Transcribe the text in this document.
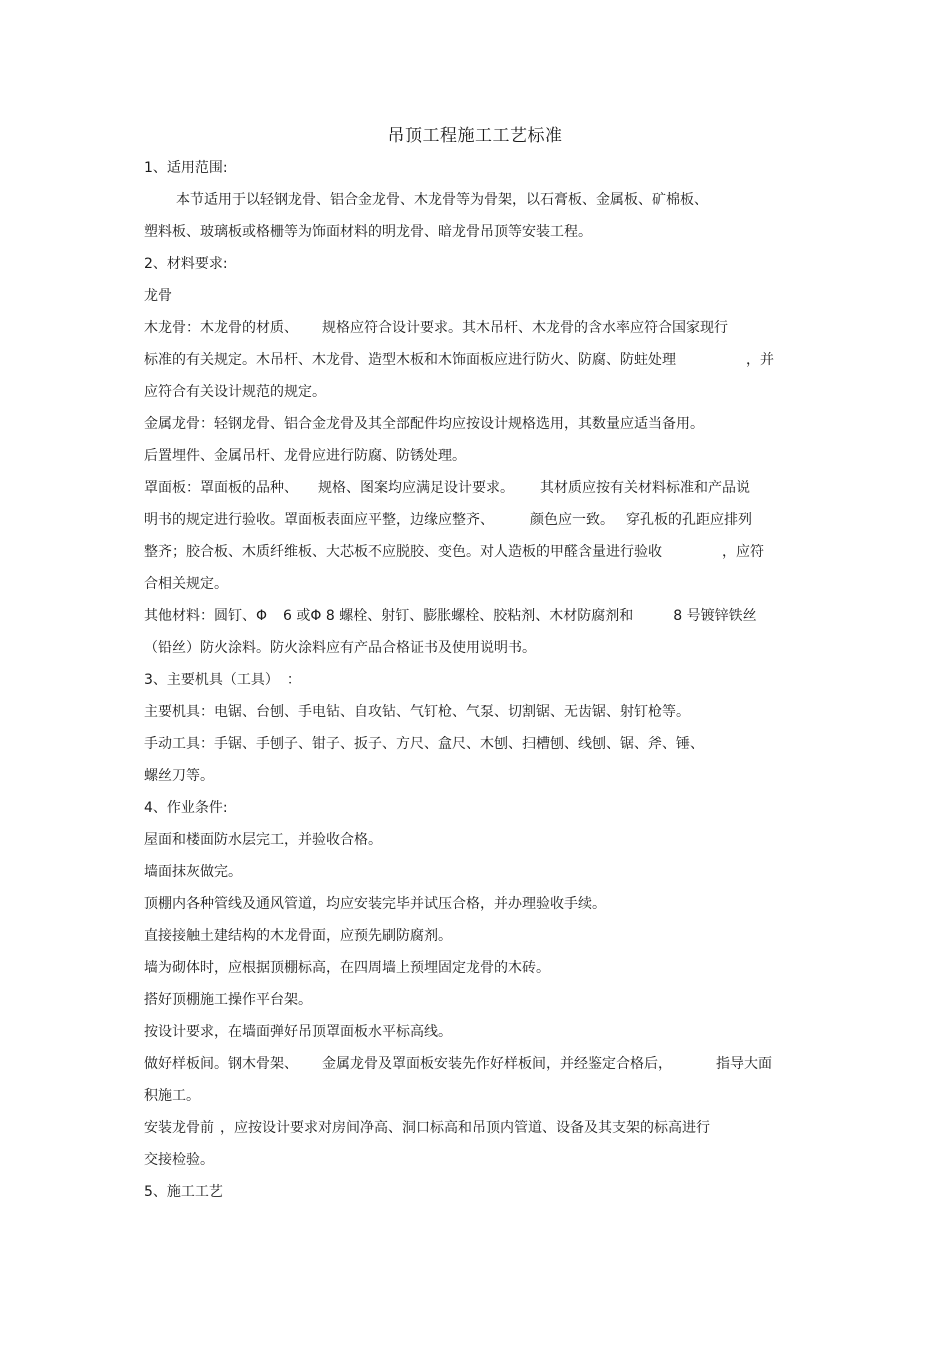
吊顶工程施工工艺标准
1、适用范围:
本节适用于以轻钢龙骨、铝合金龙骨、木龙骨等为骨架，以石膏板、金属板、矿棉板、
塑料板、玻璃板或格栅等为饰面材料的明龙骨、暗龙骨吊顶等安装工程。
2、材料要求:
龙骨
木龙骨：木龙骨的材质、 规格应符合设计要求。其木吊杆、木龙骨的含水率应符合国家现行
标准的有关规定。木吊杆、木龙骨、造型木板和木饰面板应进行防火、防腐、防蛀处理	，并
应符合有关设计规范的规定。
金属龙骨：轻钢龙骨、铝合金龙骨及其全部配件均应按设计规格选用，其数量应适当备用。
后置埋件、金属吊杆、龙骨应进行防腐、防锈处理。
罩面板：罩面板的品种、 规格、图案均应满足设计要求。 其材质应按有关材料标准和产品说
明书的规定进行验收。罩面板表面应平整，边缘应整齐、	颜色应一致。 穿孔板的孔距应排列
整齐；胶合板、木质纤维板、大芯板不应脱胶、变色。对人造板的甲醛含量进行验收	，应符
合相关规定。
其他材料：圆钉、Φ 6 或Φ 8 螺栓、射钉、膨胀螺栓、胶粘剂、木材防腐剂和	8 号镀锌铁丝
（铅丝）防火涂料。防火涂料应有产品合格证书及使用说明书。
3、主要机具（工具） ：
主要机具：电锯、台刨、手电钻、自攻钻、气钉枪、气泵、切割锯、无齿锯、射钉枪等。
手动工具：手锯、手刨子、钳子、扳子、方尺、盒尺、木刨、扫槽刨、线刨、锯、斧、锤、
螺丝刀等。
4、作业条件:
屋面和楼面防水层完工，并验收合格。
墙面抹灰做完。
顶棚内各种管线及通风管道，均应安装完毕并试压合格，并办理验收手续。
直接接触土建结构的木龙骨面，应预先刷防腐剂。
墙为砌体时，应根据顶棚标高，在四周墙上预埋固定龙骨的木砖。
搭好顶棚施工操作平台架。
按设计要求，在墙面弹好吊顶罩面板水平标高线。
做好样板间。钢木骨架、 金属龙骨及罩面板安装先作好样板间，并经鉴定合格后，	指导大面
积施工。
安装龙骨前 ，应按设计要求对房间净高、洞口标高和吊顶内管道、设备及其支架的标高进行
交接检验。
5、施工工艺
